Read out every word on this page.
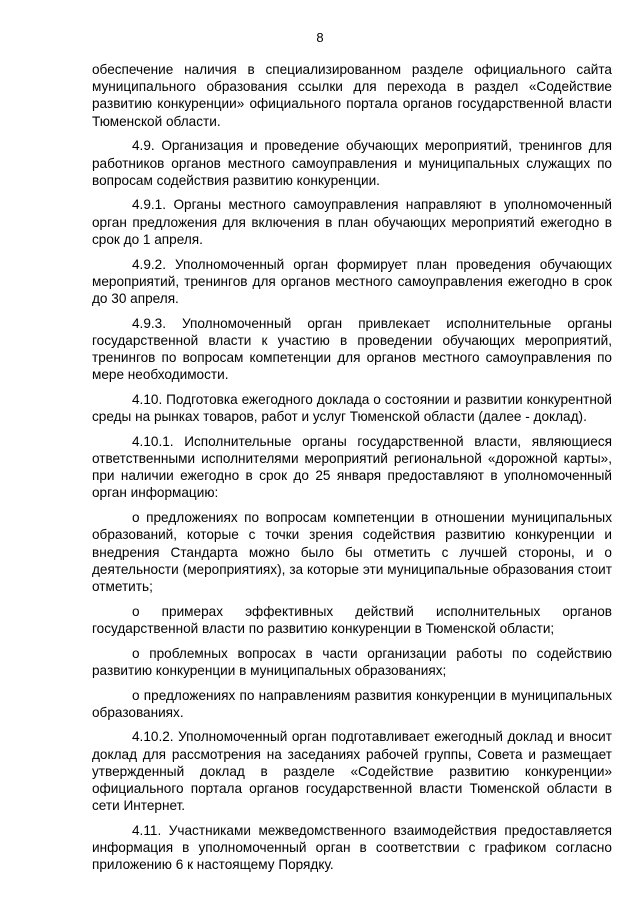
8

обеспечение наличия в специализированном разделе официального сайта муниципального образования ссылки для перехода в раздел «Содействие развитию конкуренции» официального портала органов государственной власти Тюменской области.

4.9. Организация и проведение обучающих мероприятий, тренингов для работников органов местного самоуправления и муниципальных служащих по вопросам содействия развитию конкуренции.

4.9.1. Органы местного самоуправления направляют в уполномоченный орган предложения для включения в план обучающих мероприятий ежегодно в срок до 1 апреля.

4.9.2. Уполномоченный орган формирует план проведения обучающих мероприятий, тренингов для органов местного самоуправления ежегодно в срок до 30 апреля.

4.9.3. Уполномоченный орган привлекает исполнительные органы государственной власти к участию в проведении обучающих мероприятий, тренингов по вопросам компетенции для органов местного самоуправления по мере необходимости.

4.10. Подготовка ежегодного доклада о состоянии и развитии конкурентной среды на рынках товаров, работ и услуг Тюменской области (далее - доклад).

4.10.1. Исполнительные органы государственной власти, являющиеся ответственными исполнителями мероприятий региональной «дорожной карты», при наличии ежегодно в срок до 25 января предоставляют в уполномоченный орган информацию:

о предложениях по вопросам компетенции в отношении муниципальных образований, которые с точки зрения содействия развитию конкуренции и внедрения Стандарта можно было бы отметить с лучшей стороны, и о деятельности (мероприятиях), за которые эти муниципальные образования стоит отметить;

о примерах эффективных действий исполнительных органов государственной власти по развитию конкуренции в Тюменской области;

о проблемных вопросах в части организации работы по содействию развитию конкуренции в муниципальных образованиях;

о предложениях по направлениям развития конкуренции в муниципальных образованиях.

4.10.2. Уполномоченный орган подготавливает ежегодный доклад и вносит доклад для рассмотрения на заседаниях рабочей группы, Совета и размещает утвержденный доклад в разделе «Содействие развитию конкуренции» официального портала органов государственной власти Тюменской области в сети Интернет.

4.11. Участниками межведомственного взаимодействия предоставляется информация в уполномоченный орган в соответствии с графиком согласно приложению 6 к настоящему Порядку.
